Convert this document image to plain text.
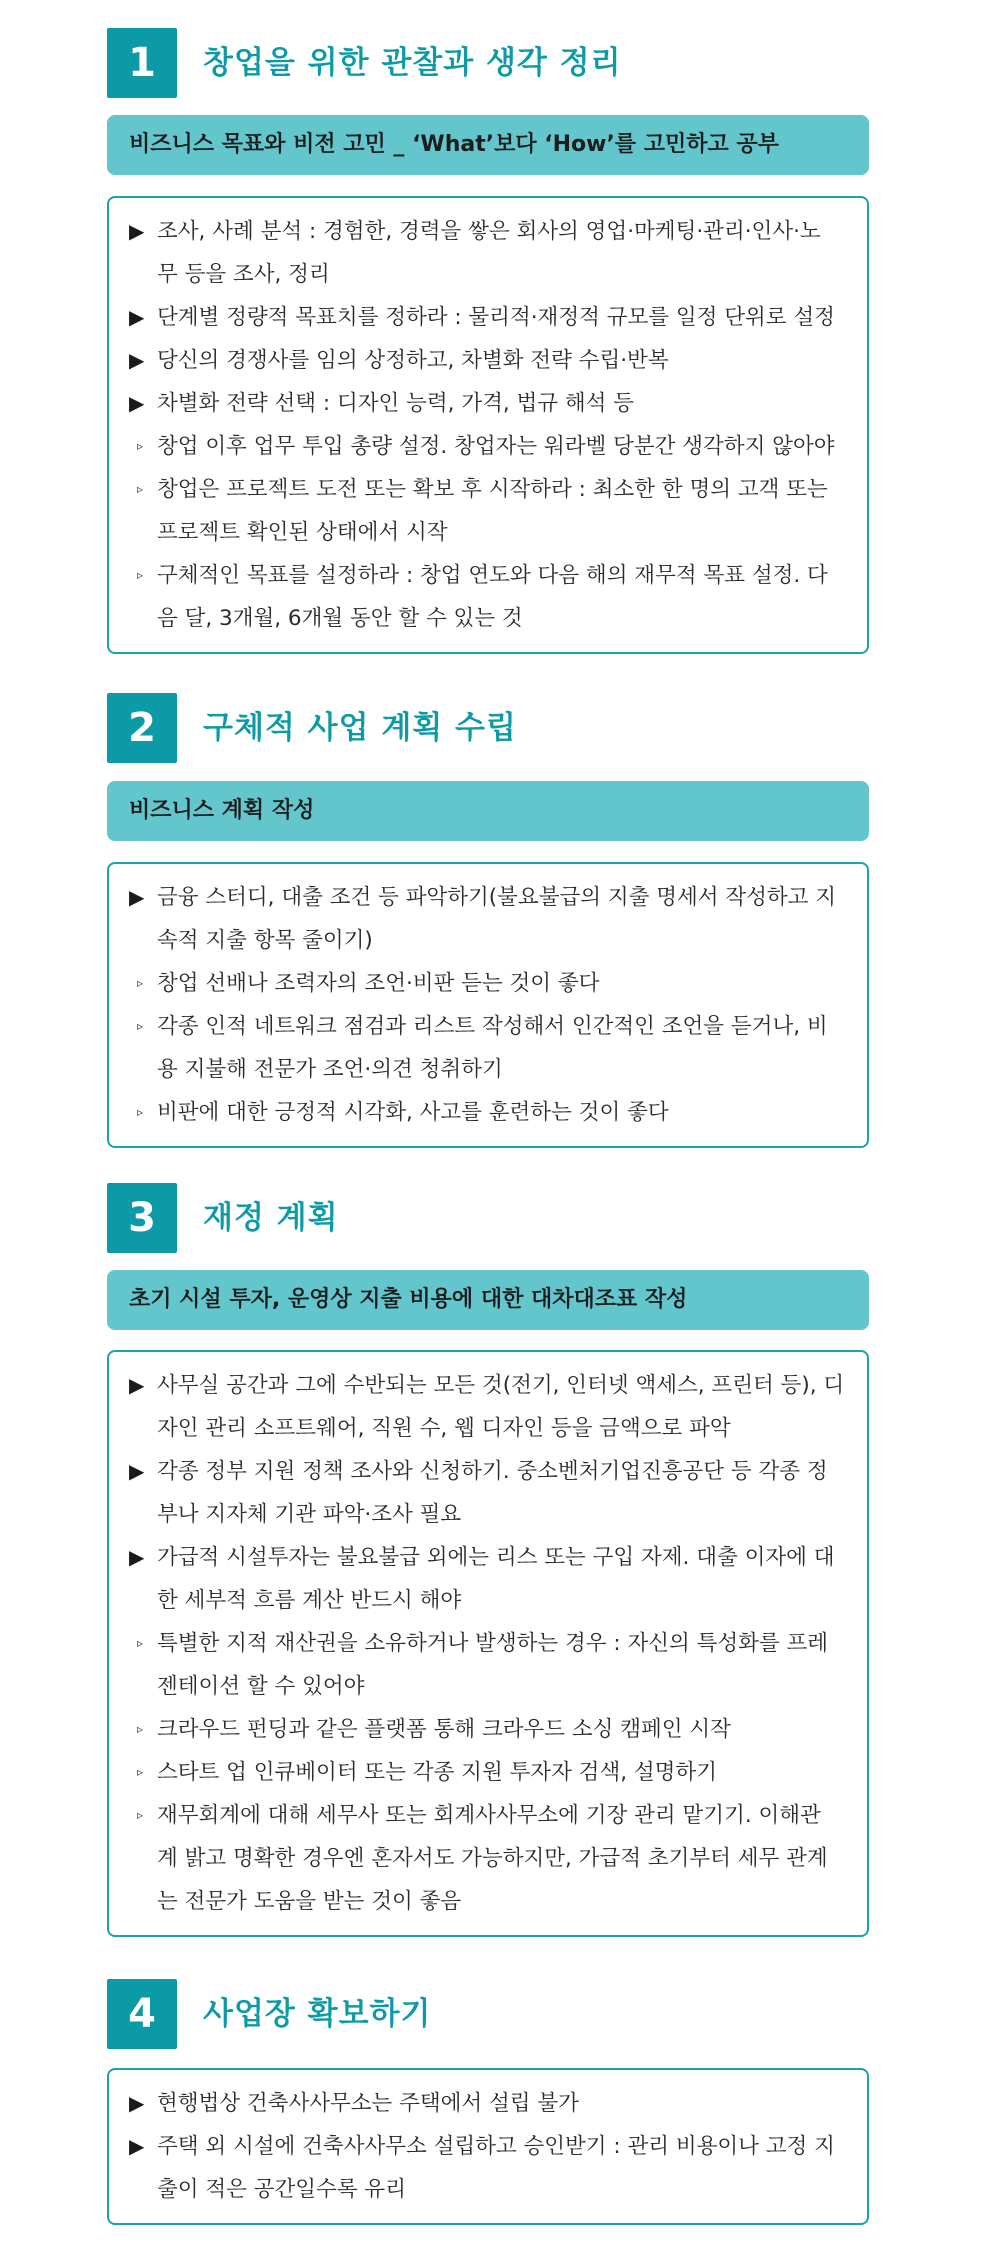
1	창업을 위한 관찰과 생각 정리
비즈니스 목표와 비전 고민 _ ‘What’보다 ‘How’를 고민하고 공부
▶ 조사, 사례 분석 : 경험한, 경력을 쌓은 회사의 영업·마케팅·관리·인사·노
무 등을 조사, 정리
▶ 단계별 정량적 목표치를 정하라 : 물리적·재정적 규모를 일정 단위로 설정
▶ 당신의 경쟁사를 임의 상정하고, 차별화 전략 수립·반복
▶ 차별화 전략 선택 : 디자인 능력, 가격, 법규 해석 등
▹ 창업 이후 업무 투입 총량 설정. 창업자는 워라벨 당분간 생각하지 않아야
▹ 창업은 프로젝트 도전 또는 확보 후 시작하라 : 최소한 한 명의 고객 또는
프로젝트 확인된 상태에서 시작
▹ 구체적인 목표를 설정하라 : 창업 연도와 다음 해의 재무적 목표 설정. 다
음 달, 3개월, 6개월 동안 할 수 있는 것
2	구체적 사업 계획 수립
비즈니스 계획 작성
▶ 금융 스터디, 대출 조건 등 파악하기(불요불급의 지출 명세서 작성하고 지
속적 지출 항목 줄이기)
▹ 창업 선배나 조력자의 조언·비판 듣는 것이 좋다
▹ 각종 인적 네트워크 점검과 리스트 작성해서 인간적인 조언을 듣거나, 비
용 지불해 전문가 조언·의견 청취하기
▹ 비판에 대한 긍정적 시각화, 사고를 훈련하는 것이 좋다
3	재정 계획
초기 시설 투자, 운영상 지출 비용에 대한 대차대조표 작성
▶ 사무실 공간과 그에 수반되는 모든 것(전기, 인터넷 액세스, 프린터 등), 디
자인 관리 소프트웨어, 직원 수, 웹 디자인 등을 금액으로 파악
▶ 각종 정부 지원 정책 조사와 신청하기. 중소벤처기업진흥공단 등 각종 정
부나 지자체 기관 파악·조사 필요
▶ 가급적 시설투자는 불요불급 외에는 리스 또는 구입 자제. 대출 이자에 대
한 세부적 흐름 계산 반드시 해야
▹ 특별한 지적 재산권을 소유하거나 발생하는 경우 : 자신의 특성화를 프레
젠테이션 할 수 있어야
▹ 크라우드 펀딩과 같은 플랫폼 통해 크라우드 소싱 캠페인 시작
▹ 스타트 업 인큐베이터 또는 각종 지원 투자자 검색, 설명하기
▹ 재무회계에 대해 세무사 또는 회계사사무소에 기장 관리 맡기기. 이해관
계 밝고 명확한 경우엔 혼자서도 가능하지만, 가급적 초기부터 세무 관계
는 전문가 도움을 받는 것이 좋음
4	사업장 확보하기
▶ 현행법상 건축사사무소는 주택에서 설립 불가
▶ 주택 외 시설에 건축사사무소 설립하고 승인받기 : 관리 비용이나 고정 지
출이 적은 공간일수록 유리
